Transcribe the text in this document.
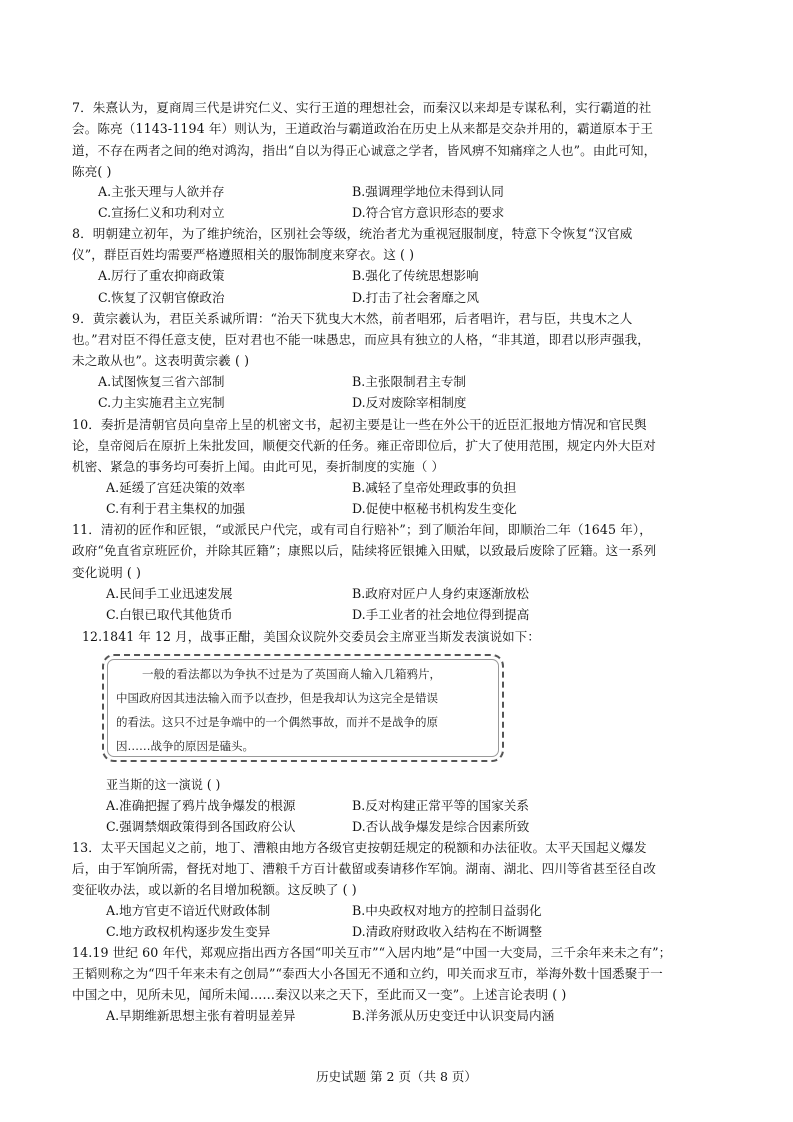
7．朱熹认为，夏商周三代是讲究仁义、实行王道的理想社会，而秦汉以来却是专谋私利，实行霸道的社
会。陈亮（1143-1194 年）则认为，王道政治与霸道政治在历史上从来都是交杂并用的，霸道原本于王
道，不存在两者之间的绝对鸿沟，指出“自以为得正心诚意之学者，皆风痹不知痛痒之人也”。由此可知，
陈亮( )
A.主张天理与人欲并存	B.强调理学地位未得到认同
C.宣扬仁义和功利对立	D.符合官方意识形态的要求
8．明朝建立初年，为了维护统治，区别社会等级，统治者尤为重视冠服制度，特意下令恢复“汉官威
仪”，群臣百姓均需要严格遵照相关的服饰制度来穿衣。这 ( )
A.厉行了重农抑商政策	B.强化了传统思想影响
C.恢复了汉朝官僚政治	D.打击了社会奢靡之风
9．黄宗羲认为，君臣关系诚所谓：“治天下犹曳大木然，前者唱邪，后者唱许，君与臣，共曳木之人
也。”君对臣不得任意支使，臣对君也不能一味愚忠，而应具有独立的人格，“非其道，即君以形声强我，
未之敢从也”。这表明黄宗羲 ( )
A.试图恢复三省六部制	B.主张限制君主专制
C.力主实施君主立宪制	D.反对废除宰相制度
10．奏折是清朝官员向皇帝上呈的机密文书，起初主要是让一些在外公干的近臣汇报地方情况和官民舆
论，皇帝阅后在原折上朱批发回，顺便交代新的任务。雍正帝即位后，扩大了使用范围，规定内外大臣对
机密、紧急的事务均可奏折上闻。由此可见，奏折制度的实施（ ）
A.延缓了宫廷决策的效率	B.减轻了皇帝处理政事的负担
C.有利于君主集权的加强	D.促使中枢秘书机构发生变化
11．清初的匠作和匠银，“或派民户代完，或有司自行赔补”；到了顺治年间，即顺治二年（1645 年），
政府“免直省京班匠价，并除其匠籍”；康熙以后，陆续将匠银摊入田赋，以致最后废除了匠籍。这一系列
变化说明 ( )
A.民间手工业迅速发展	B.政府对匠户人身约束逐渐放松
C.白银已取代其他货币	D.手工业者的社会地位得到提高
12.1841 年 12 月，战事正酣，美国众议院外交委员会主席亚当斯发表演说如下：
一般的看法都以为争执不过是为了英国商人输入几箱鸦片，
中国政府因其违法输入而予以查抄，但是我却认为这完全是错误
的看法。这只不过是争端中的一个偶然事故，而并不是战争的原
因……战争的原因是磕头。
亚当斯的这一演说 ( )
A.准确把握了鸦片战争爆发的根源	B.反对构建正常平等的国家关系
C.强调禁烟政策得到各国政府公认	D.否认战争爆发是综合因素所致
13．太平天国起义之前，地丁、漕粮由地方各级官吏按朝廷规定的税额和办法征收。太平天国起义爆发
后，由于军饷所需，督抚对地丁、漕粮千方百计截留或奏请移作军饷。湖南、湖北、四川等省甚至径自改
变征收办法，或以新的名目增加税额。这反映了 ( )
A.地方官吏不谙近代财政体制	B.中央政权对地方的控制日益弱化
C.地方政权机构逐步发生变异	D.清政府财政收入结构在不断调整
14.19 世纪 60 年代，郑观应指出西方各国“叩关互市”“入居内地”是“中国一大变局，三千余年来未之有”；
王韬则称之为“四千年来未有之创局”“泰西大小各国无不通和立约，叩关而求互市，举海外数十国悉聚于一
中国之中，见所未见，闻所未闻……秦汉以来之天下，至此而又一变”。上述言论表明 ( )
A.早期维新思想主张有着明显差异	B.洋务派从历史变迁中认识变局内涵
历史试题 第 2 页（共 8 页）
